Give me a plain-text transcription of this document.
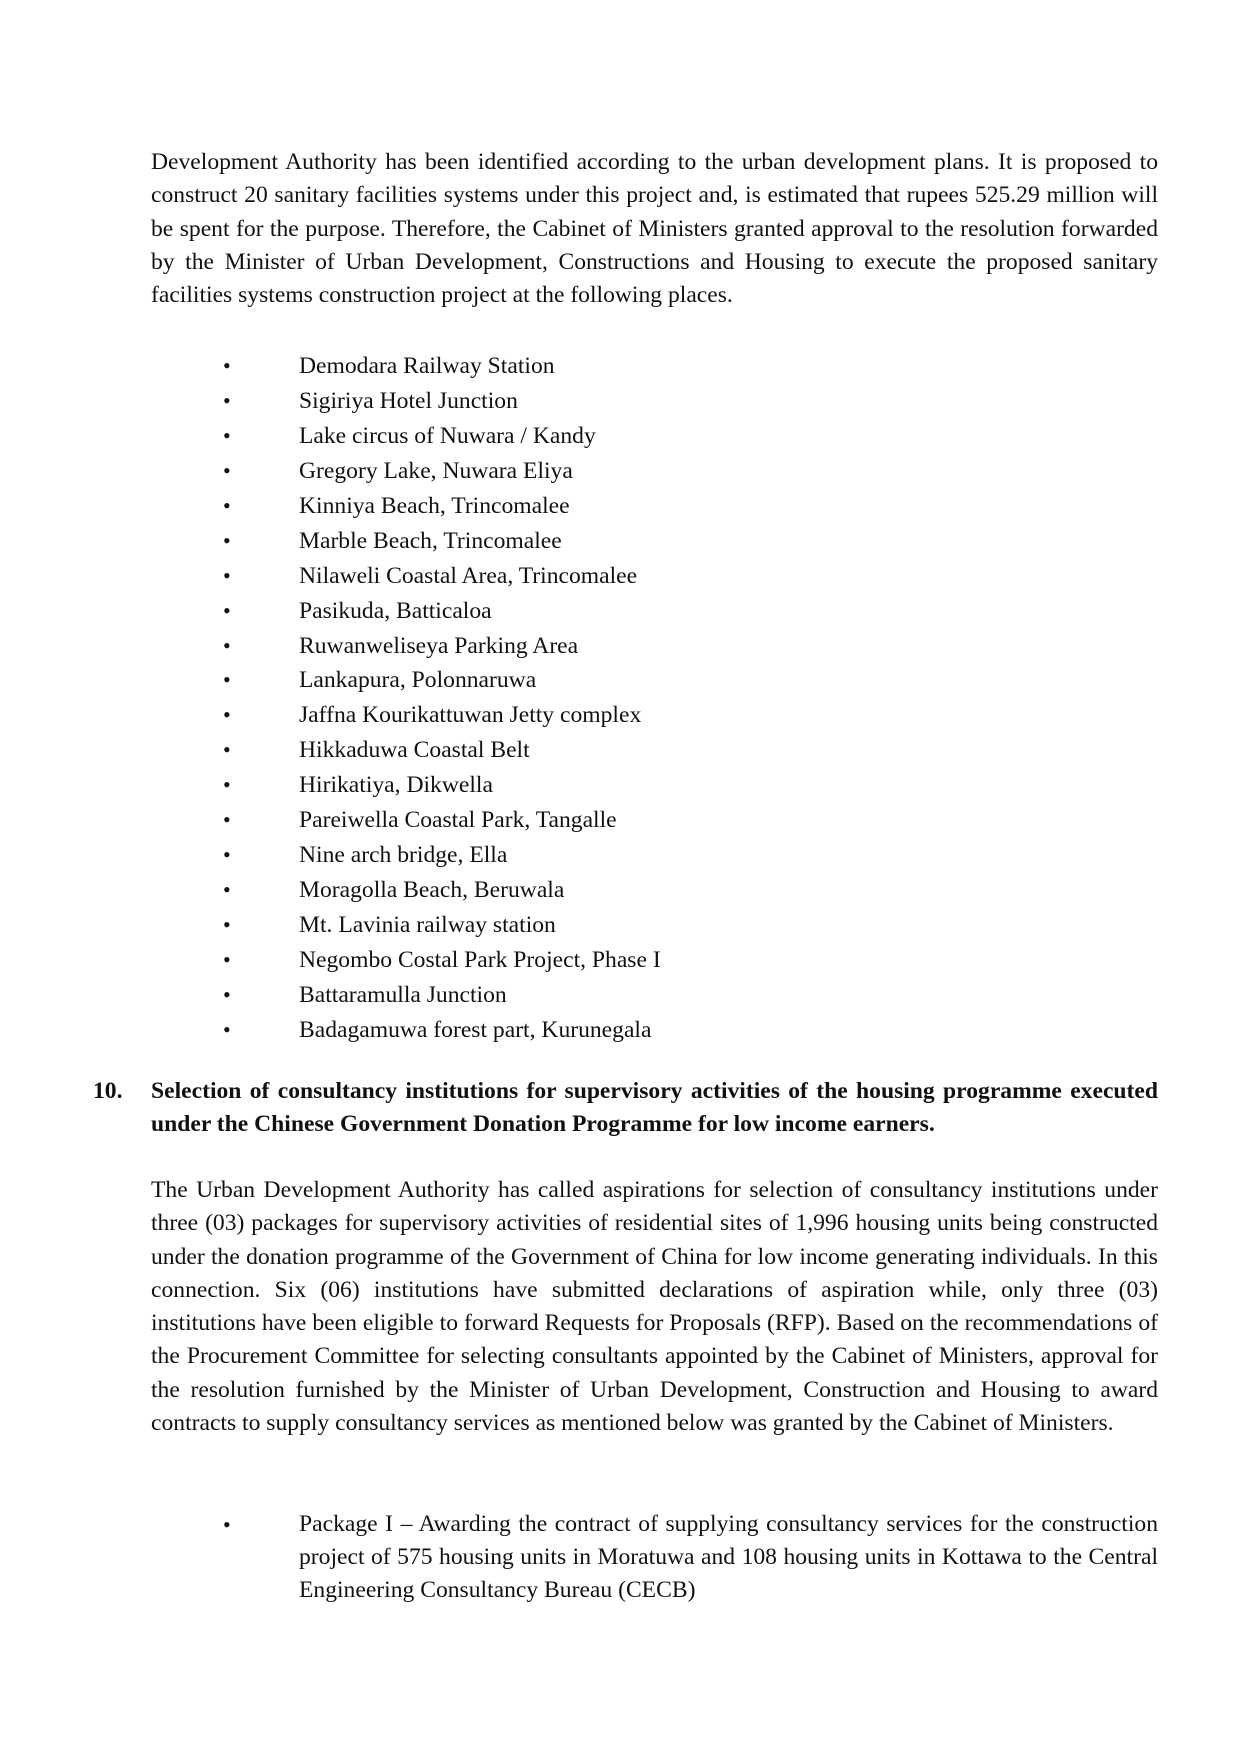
Development Authority has been identified according to the urban development plans. It is proposed to construct 20 sanitary facilities systems under this project and, is estimated that rupees 525.29 million will be spent for the purpose. Therefore, the Cabinet of Ministers granted approval to the resolution forwarded by the Minister of Urban Development, Constructions and Housing to execute the proposed sanitary facilities systems construction project at the following places.

•	Demodara Railway Station
•	Sigiriya Hotel Junction
•	Lake circus of Nuwara / Kandy
•	Gregory Lake, Nuwara Eliya
•	Kinniya Beach, Trincomalee
•	Marble Beach, Trincomalee
•	Nilaweli Coastal Area, Trincomalee
•	Pasikuda, Batticaloa
•	Ruwanweliseya Parking Area
•	Lankapura, Polonnaruwa
•	Jaffna Kourikattuwan Jetty complex
•	Hikkaduwa Coastal Belt
•	Hirikatiya, Dikwella
•	Pareiwella Coastal Park, Tangalle
•	Nine arch bridge, Ella
•	Moragolla Beach, Beruwala
•	Mt. Lavinia railway station
•	Negombo Costal Park Project, Phase I
•	Battaramulla Junction
•	Badagamuwa forest part, Kurunegala
10. Selection of consultancy institutions for supervisory activities of the housing programme executed under the Chinese Government Donation Programme for low income earners.

The Urban Development Authority has called aspirations for selection of consultancy institutions under three (03) packages for supervisory activities of residential sites of 1,996 housing units being constructed under the donation programme of the Government of China for low income generating individuals. In this connection. Six (06) institutions have submitted declarations of aspiration while, only three (03) institutions have been eligible to forward Requests for Proposals (RFP). Based on the recommendations of the Procurement Committee for selecting consultants appointed by the Cabinet of Ministers, approval for the resolution furnished by the Minister of Urban Development, Construction and Housing to award contracts to supply consultancy services as mentioned below was granted by the Cabinet of Ministers.

•	Package I – Awarding the contract of supplying consultancy services for the construction project of 575 housing units in Moratuwa and 108 housing units in Kottawa to the Central Engineering Consultancy Bureau (CECB)
